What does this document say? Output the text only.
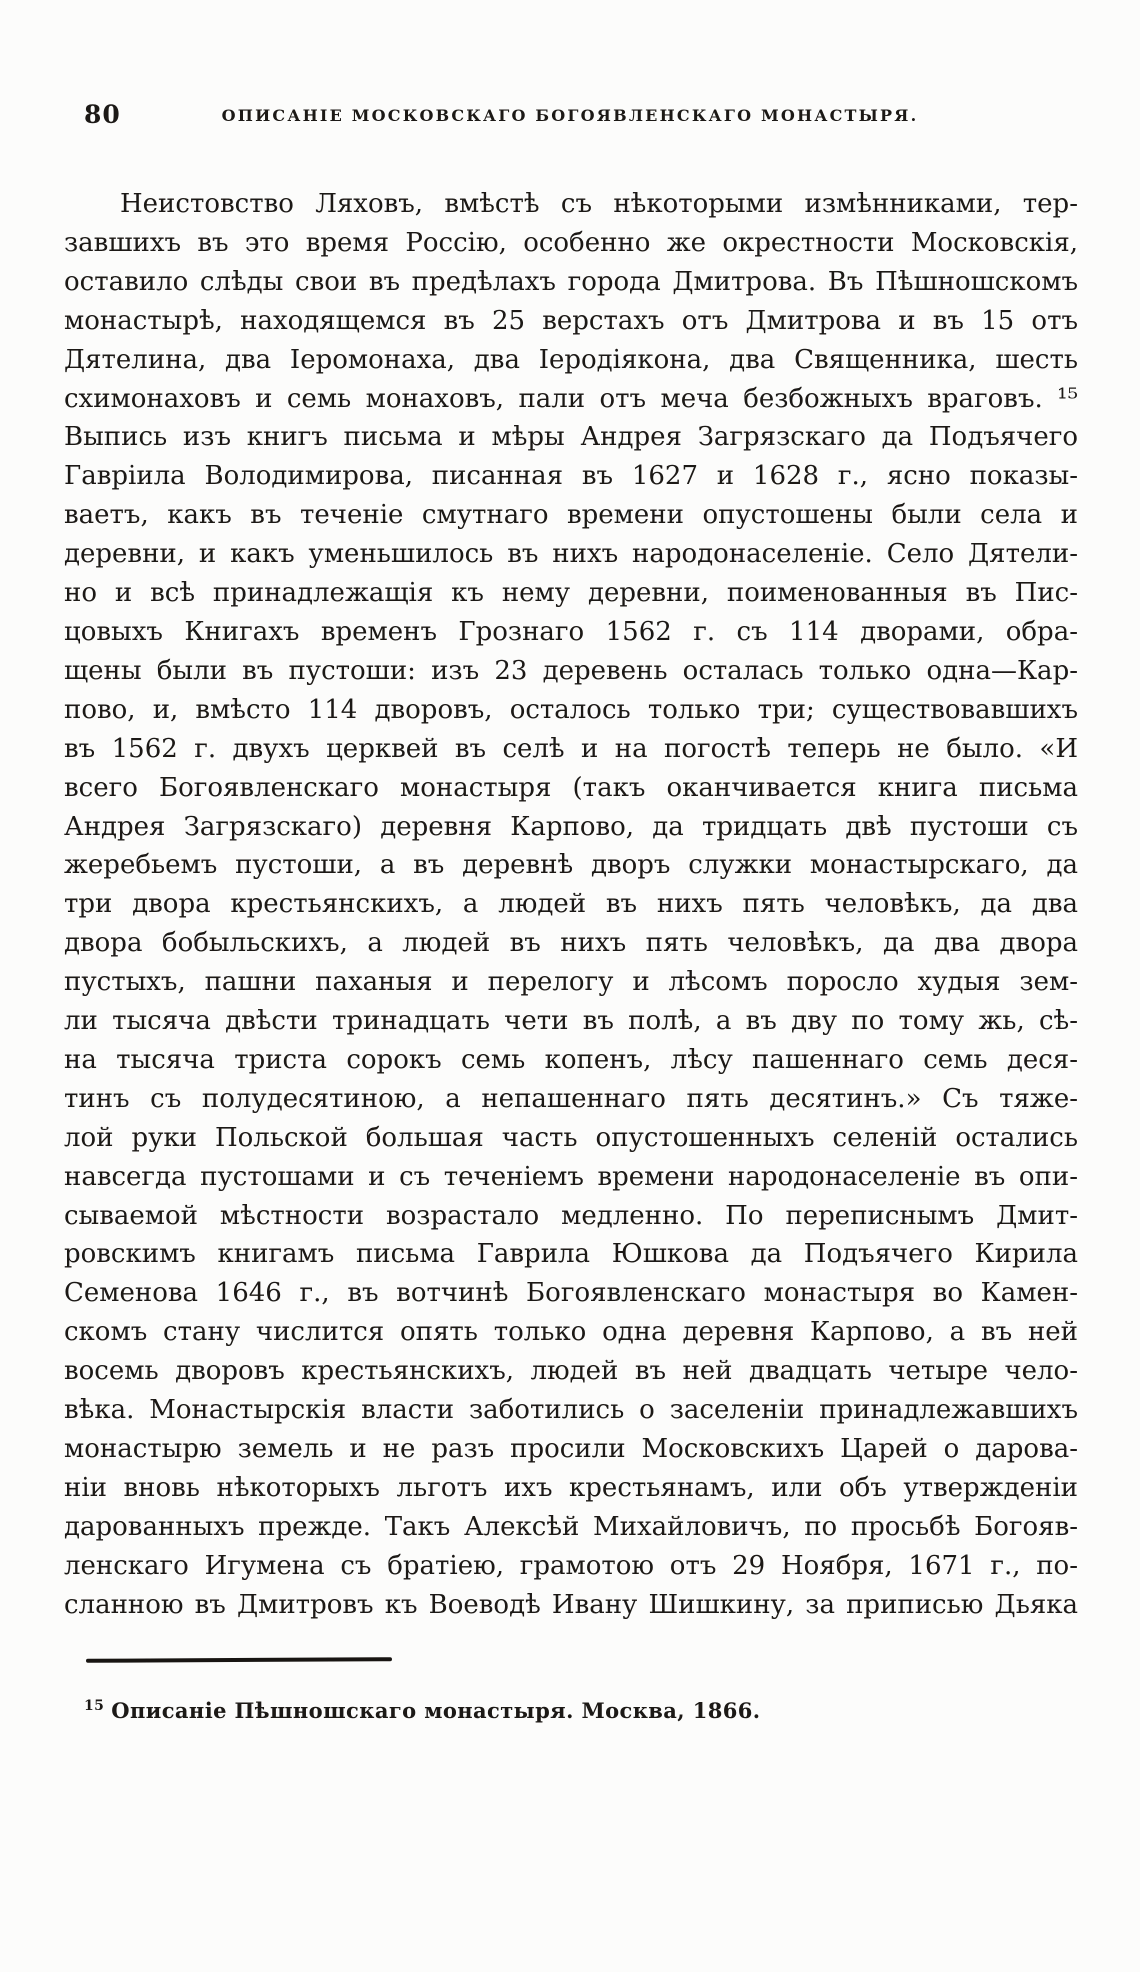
80	ОПИСАНІЕ МОСКОВСКАГО БОГОЯВЛЕНСКАГО МОНАСТЫРЯ.
Неистовство Ляховъ, вмѣстѣ съ нѣкоторыми измѣнниками, тер-
завшихъ въ это время Россію, особенно же окрестности Московскія,
оставило слѣды свои въ предѣлахъ города Дмитрова. Въ Пѣшношскомъ
монастырѣ, находящемся въ 25 верстахъ отъ Дмитрова и въ 15 отъ
Дятелина, два Іеромонаха, два Іеродіякона, два Священника, шесть
схимонаховъ и семь монаховъ, пали отъ меча безбожныхъ враговъ. ¹⁵
Выпись изъ книгъ письма и мѣры Андрея Загрязскаго да Подъячего
Гавріила Володимирова, писанная въ 1627 и 1628 г., ясно показы-
ваетъ, какъ въ теченіе смутнаго времени опустошены были села и
деревни, и какъ уменьшилось въ нихъ народонаселеніе. Село Дятели-
но и всѣ принадлежащія къ нему деревни, поименованныя въ Пис-
цовыхъ Книгахъ временъ Грознаго 1562 г. съ 114 дворами, обра-
щены были въ пустоши: изъ 23 деревень осталась только одна—Кар-
пово, и, вмѣсто 114 дворовъ, осталось только три; существовавшихъ
въ 1562 г. двухъ церквей въ селѣ и на погостѣ теперь не было. «И
всего Богоявленскаго монастыря (такъ оканчивается книга письма
Андрея Загрязскаго) деревня Карпово, да тридцать двѣ пустоши съ
жеребьемъ пустоши, а въ деревнѣ дворъ служки монастырскаго, да
три двора крестьянскихъ, а людей въ нихъ пять человѣкъ, да два
двора бобыльскихъ, а людей въ нихъ пять человѣкъ, да два двора
пустыхъ, пашни паханыя и перелогу и лѣсомъ поросло худыя зем-
ли тысяча двѣсти тринадцать чети въ полѣ, а въ дву по тому жь, сѣ-
на тысяча триста сорокъ семь копенъ, лѣсу пашеннаго семь деся-
тинъ съ полудесятиною, а непашеннаго пять десятинъ.» Съ тяже-
лой руки Польской большая часть опустошенныхъ селеній остались
навсегда пустошами и съ теченіемъ времени народонаселеніе въ опи-
сываемой мѣстности возрастало медленно. По переписнымъ Дмит-
ровскимъ книгамъ письма Гаврила Юшкова да Подъячего Кирила
Семенова 1646 г., въ вотчинѣ Богоявленскаго монастыря во Камен-
скомъ стану числится опять только одна деревня Карпово, а въ ней
восемь дворовъ крестьянскихъ, людей въ ней двадцать четыре чело-
вѣка. Монастырскія власти заботились о заселеніи принадлежавшихъ
монастырю земель и не разъ просили Московскихъ Царей о дарова-
ніи вновь нѣкоторыхъ льготъ ихъ крестьянамъ, или объ утвержденіи
дарованныхъ прежде. Такъ Алексѣй Михайловичъ, по просьбѣ Богояв-
ленскаго Игумена съ братіею, грамотою отъ 29 Ноября, 1671 г., по-
сланною въ Дмитровъ къ Воеводѣ Ивану Шишкину, за приписью Дьяка
$^{15}$ Описаніе Пѣшношскаго монастыря. Москва, 1866.
